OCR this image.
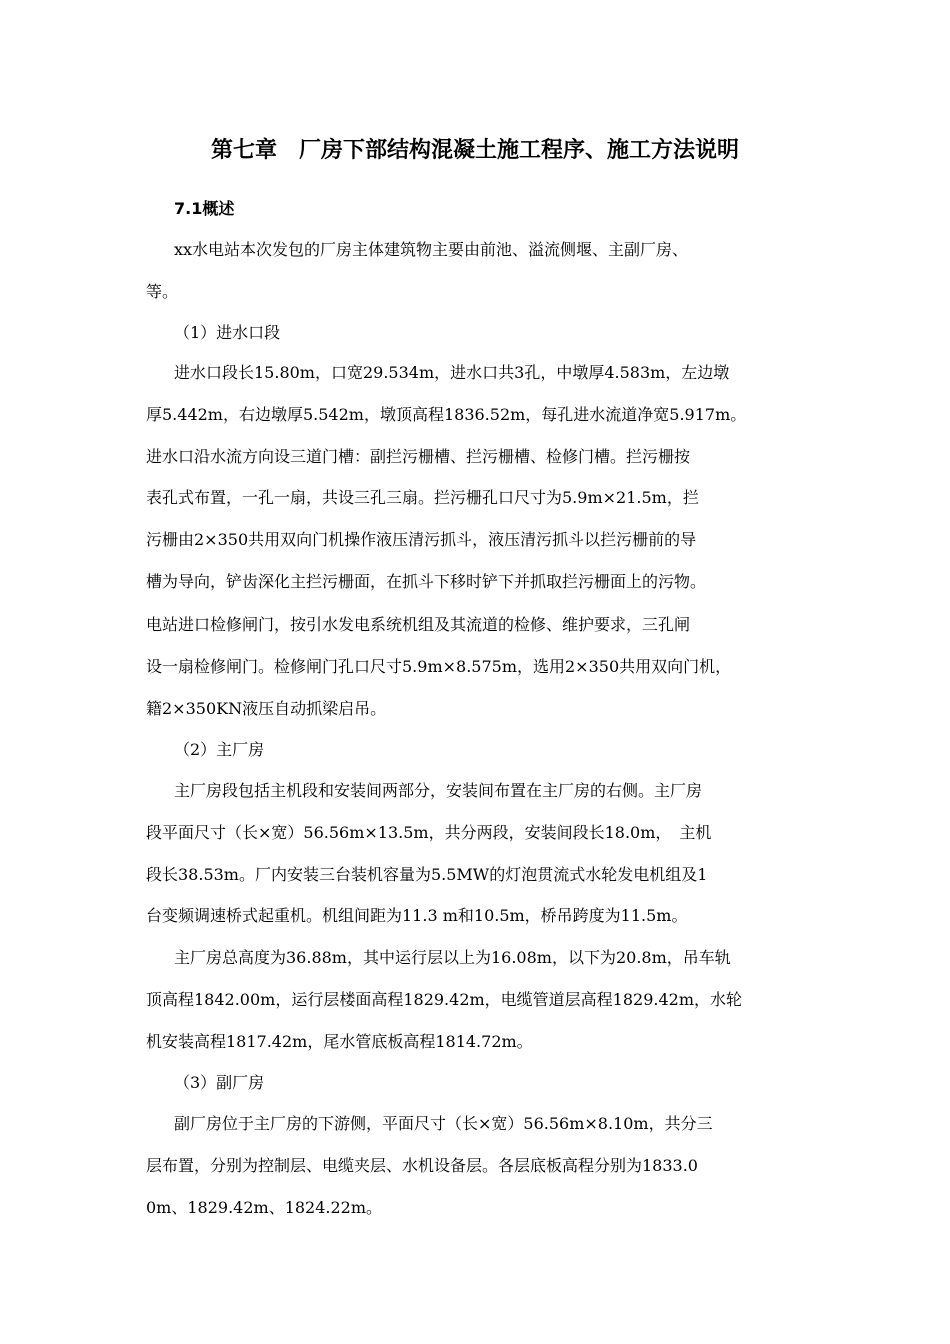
第七章　厂房下部结构混凝土施工程序、施工方法说明
7.1概述
xx水电站本次发包的厂房主体建筑物主要由前池、溢流侧堰、主副厂房、
等。
（1）进水口段
进水口段长15.80m，口宽29.534m，进水口共3孔，中墩厚4.583m，左边墩
厚5.442m，右边墩厚5.542m，墩顶高程1836.52m，每孔进水流道净宽5.917m。
进水口沿水流方向设三道门槽：副拦污栅槽、拦污栅槽、检修门槽。拦污栅按
表孔式布置，一孔一扇，共设三孔三扇。拦污栅孔口尺寸为5.9m×21.5m，拦
污栅由2×350共用双向门机操作液压清污抓斗，液压清污抓斗以拦污栅前的导
槽为导向，铲齿深化主拦污栅面，在抓斗下移时铲下并抓取拦污栅面上的污物。
电站进口检修闸门，按引水发电系统机组及其流道的检修、维护要求，三孔闸
设一扇检修闸门。检修闸门孔口尺寸5.9m×8.575m，选用2×350共用双向门机，
籍2×350KN液压自动抓梁启吊。
（2）主厂房
主厂房段包括主机段和安装间两部分，安装间布置在主厂房的右侧。主厂房
段平面尺寸（长×宽）56.56m×13.5m，共分两段，安装间段长18.0m，　主机
段长38.53m。厂内安装三台装机容量为5.5MW的灯泡贯流式水轮发电机组及1
台变频调速桥式起重机。机组间距为11.3 m和10.5m，桥吊跨度为11.5m。
主厂房总高度为36.88m，其中运行层以上为16.08m，以下为20.8m，吊车轨
顶高程1842.00m，运行层楼面高程1829.42m，电缆管道层高程1829.42m，水轮
机安装高程1817.42m，尾水管底板高程1814.72m。
（3）副厂房
副厂房位于主厂房的下游侧，平面尺寸（长×宽）56.56m×8.10m，共分三
层布置，分别为控制层、电缆夹层、水机设备层。各层底板高程分别为1833.0
0m、1829.42m、1824.22m。
